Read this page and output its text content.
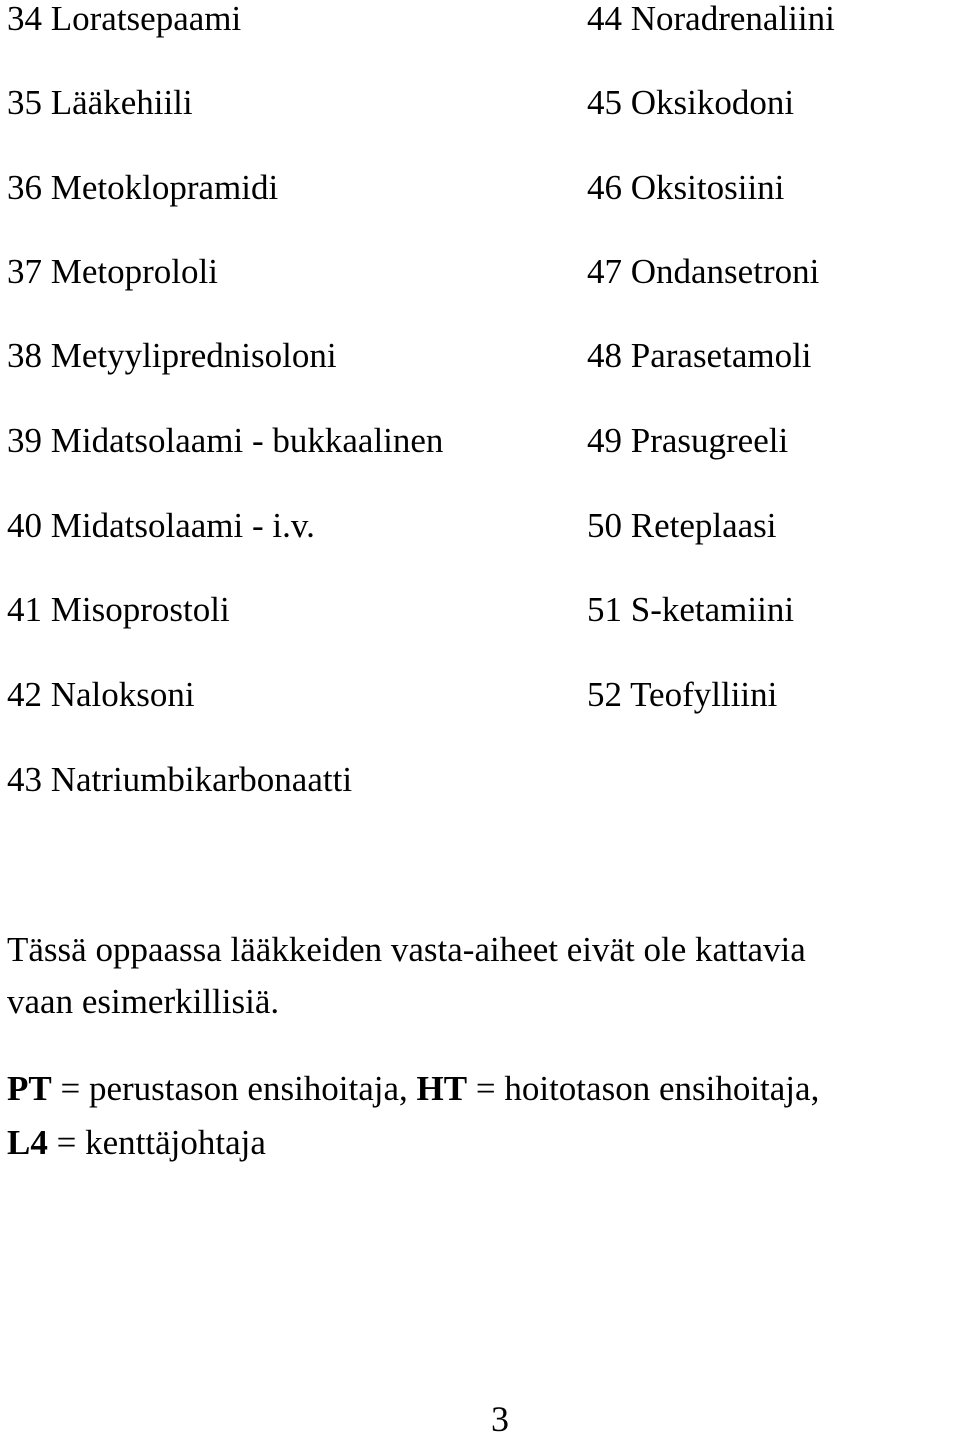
34 Loratsepaami
35 Lääkehiili
36 Metoklopramidi
37 Metoprololi
38 Metyyliprednisoloni
39 Midatsolaami - bukkaalinen
40 Midatsolaami - i.v.
41 Misoprostoli
42 Naloksoni
43 Natriumbikarbonaatti
44 Noradrenaliini
45 Oksikodoni
46 Oksitosiini
47 Ondansetroni
48 Parasetamoli
49 Prasugreeli
50 Reteplaasi
51 S-ketamiini
52 Teofylliini
Tässä oppaassa lääkkeiden vasta-aiheet eivät ole kattavia
vaan esimerkillisiä.
PT = perustason ensihoitaja, HT = hoitotason ensihoitaja,
L4 = kenttäjohtaja
3
